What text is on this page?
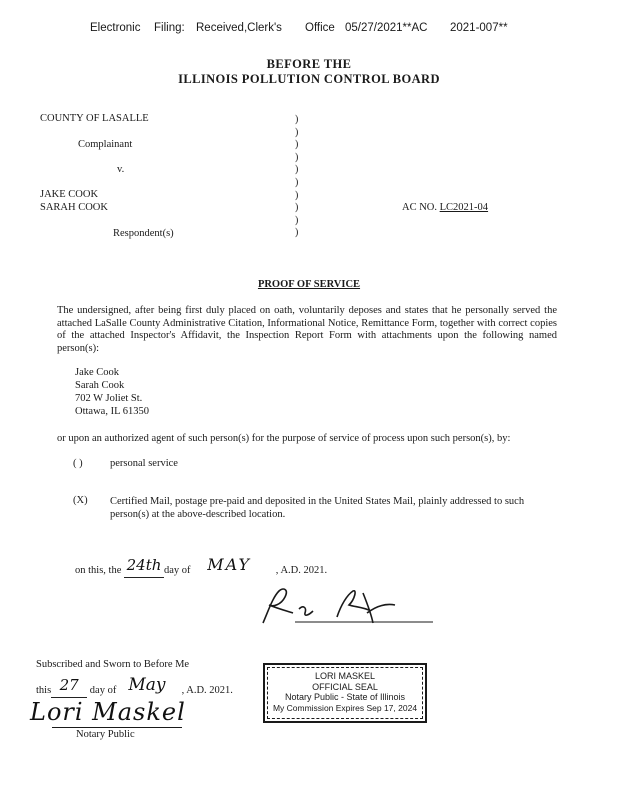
Electronic Filing: Received,Clerk's Office 05/27/2021**AC 2021-007**
BEFORE THE
ILLINOIS POLLUTION CONTROL BOARD
COUNTY OF LASALLE
Complainant
v.
JAKE COOK
SARAH COOK
Respondent(s)
)
)
)
)
)
)
)
)
)
)
AC NO. LC2021-04
PROOF OF SERVICE
The undersigned, after being first duly placed on oath, voluntarily deposes and states that he personally served the attached LaSalle County Administrative Citation, Informational Notice, Remittance Form, together with correct copies of the attached Inspector's Affidavit, the Inspection Report Form with attachments upon the following named person(s):
Jake Cook
Sarah Cook
702 W Joliet St.
Ottawa, IL 61350
or upon an authorized agent of such person(s) for the purpose of service of process upon such person(s), by:
( )	personal service
(X) Certified Mail, postage pre-paid and deposited in the United States Mail, plainly addressed to such person(s) at the above-described location.
on this, the 24th day of MAY , A.D. 2021.
Subscribed and Sworn to Before Me
this 27 day of May , A.D. 2021.
Lori Maskel
Notary Public
LORI MASKEL
OFFICIAL SEAL
Notary Public - State of Illinois
My Commission Expires Sep 17, 2024
